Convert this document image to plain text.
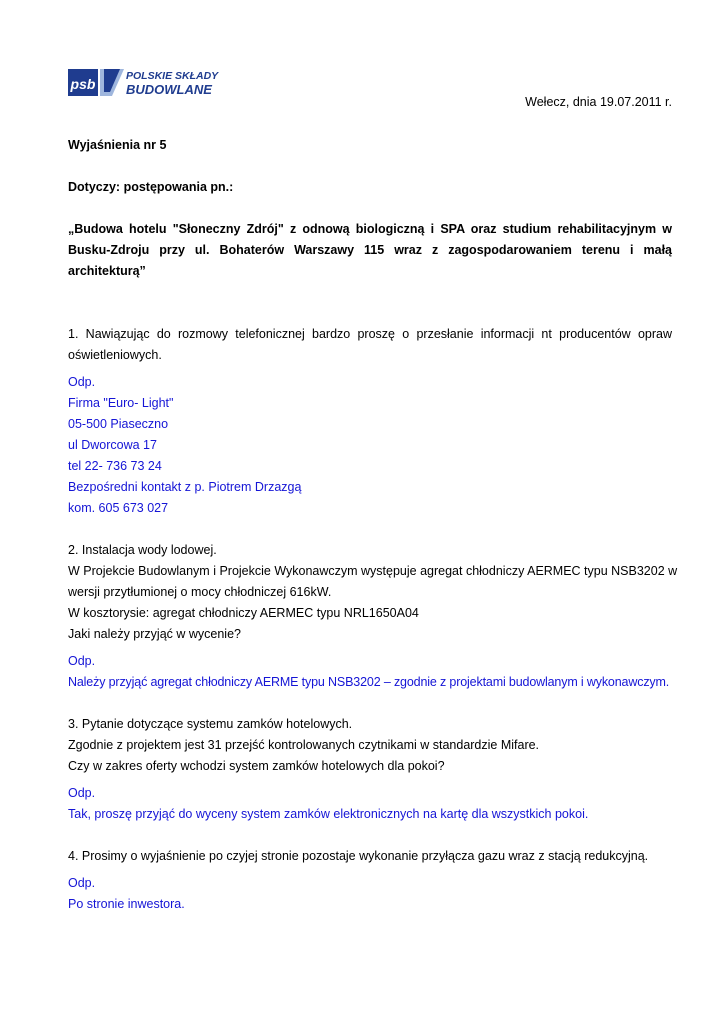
psb	POLSKIE SKŁADY
BUDOWLANE
Wełecz, dnia 19.07.2011 r.
Wyjaśnienia nr 5
Dotyczy: postępowania pn.:
„Budowa hotelu "Słoneczny Zdrój" z odnową biologiczną i SPA oraz studium rehabilitacyjnym w Busku-Zdroju przy ul. Bohaterów Warszawy 115 wraz z zagospodarowaniem terenu i małą architekturą”
1. Nawiązując do rozmowy telefonicznej bardzo proszę o przesłanie informacji nt producentów opraw oświetleniowych.
Odp.
Firma "Euro- Light"
05-500 Piaseczno
ul Dworcowa 17
tel 22- 736 73 24
Bezpośredni kontakt z p. Piotrem Drzazgą
kom. 605 673 027
2. Instalacja wody lodowej.
W Projekcie Budowlanym i Projekcie Wykonawczym występuje agregat chłodniczy AERMEC typu NSB3202 w
wersji przytłumionej o mocy chłodniczej 616kW.
W kosztorysie: agregat chłodniczy AERMEC typu NRL1650A04
Jaki należy przyjąć w wycenie?
Odp.
Należy przyjąć agregat chłodniczy AERME typu NSB3202 – zgodnie z projektami budowlanym i wykonawczym.
3. Pytanie dotyczące systemu zamków hotelowych.
Zgodnie z projektem jest 31 przejść kontrolowanych czytnikami w standardzie Mifare.
Czy w zakres oferty wchodzi system zamków hotelowych dla pokoi?
Odp.
Tak, proszę przyjąć do wyceny system zamków elektronicznych na kartę dla wszystkich pokoi.
4. Prosimy o wyjaśnienie po czyjej stronie pozostaje wykonanie przyłącza gazu wraz z stacją redukcyjną.
Odp.
Po stronie inwestora.
